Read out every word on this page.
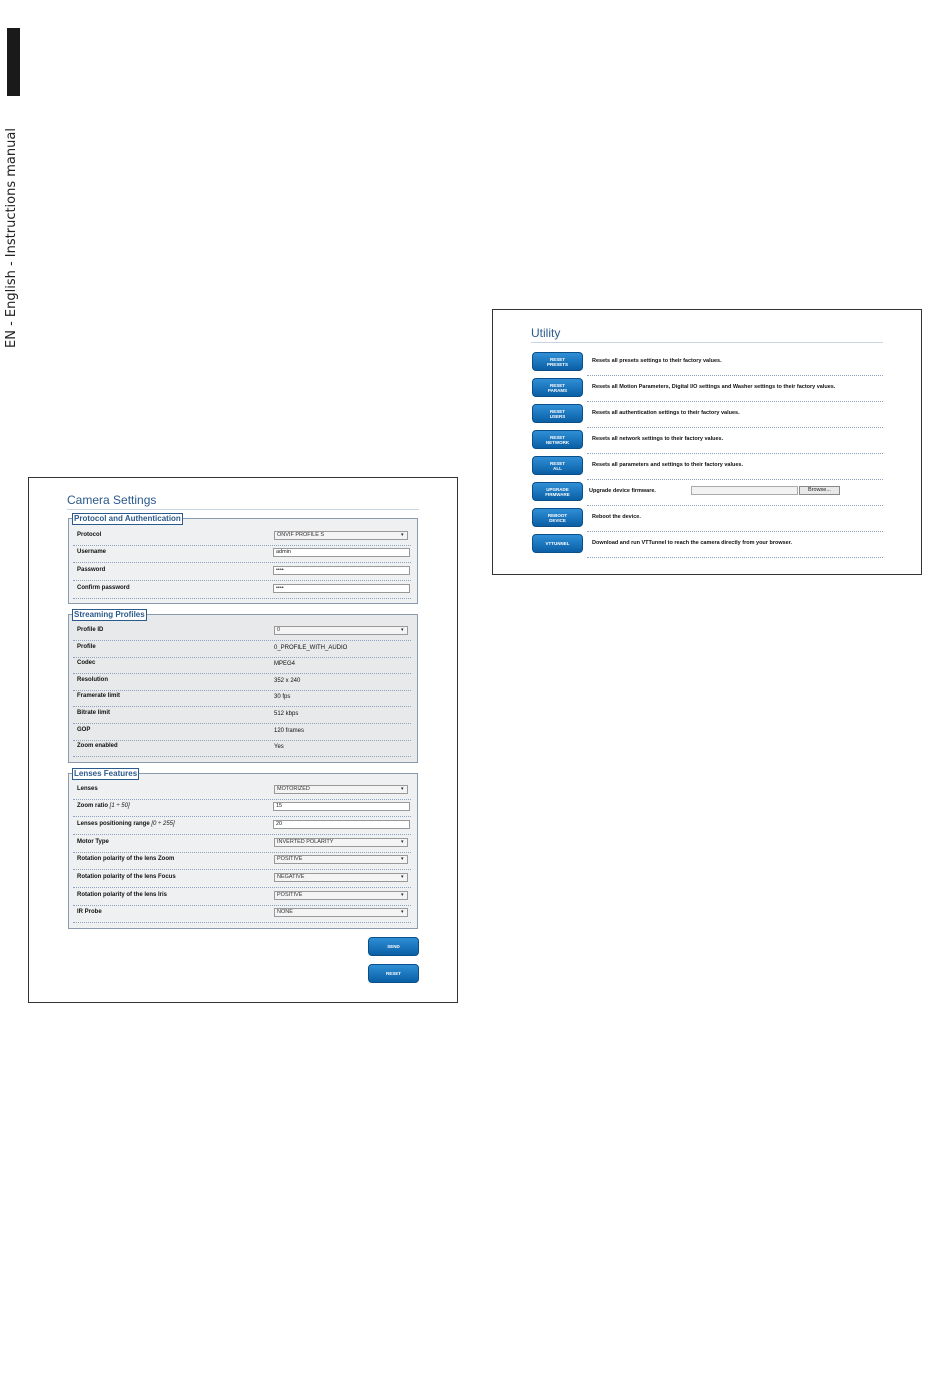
EN - English - Instructions manual
Camera Settings
Protocol and Authentication
Protocol	ONVIF PROFILE S	▾
Username	admin
Password	••••
Confirm password	••••
Streaming Profiles
Profile ID	0	▾
Profile	0_PROFILE_WITH_AUDIO
Codec	MPEG4
Resolution	352 x 240
Framerate limit	30 fps
Bitrate limit	512 kbps
GOP	120 frames
Zoom enabled	Yes
Lenses Features
Lenses	MOTORIZED	▾
Zoom ratio [1 ÷ 50]	15
Lenses positioning range [0 ÷ 255]	20
Motor Type	INVERTED POLARITY	▾
Rotation polarity of the lens Zoom	POSITIVE	▾
Rotation polarity of the lens Focus	NEGATIVE	▾
Rotation polarity of the lens Iris	POSITIVE	▾
IR Probe	NONE	▾
SEND
RESET
Utility
RESET
PRESETS	Resets all presets settings to their factory values.
RESET
PARAMS	Resets all Motion Parameters, Digital I/O settings and Washer settings to their factory values.
RESET
USERS	Resets all authentication settings to their factory values.
RESET
NETWORK	Resets all network settings to their factory values.
RESET
ALL	Resets all parameters and settings to their factory values.
UPGRADE
FIRMWARE	Upgrade device firmware.	Browse...
REBOOT
DEVICE	Reboot the device.
VTTUNNEL	Download and run VTTunnel to reach the camera directly from your browser.
